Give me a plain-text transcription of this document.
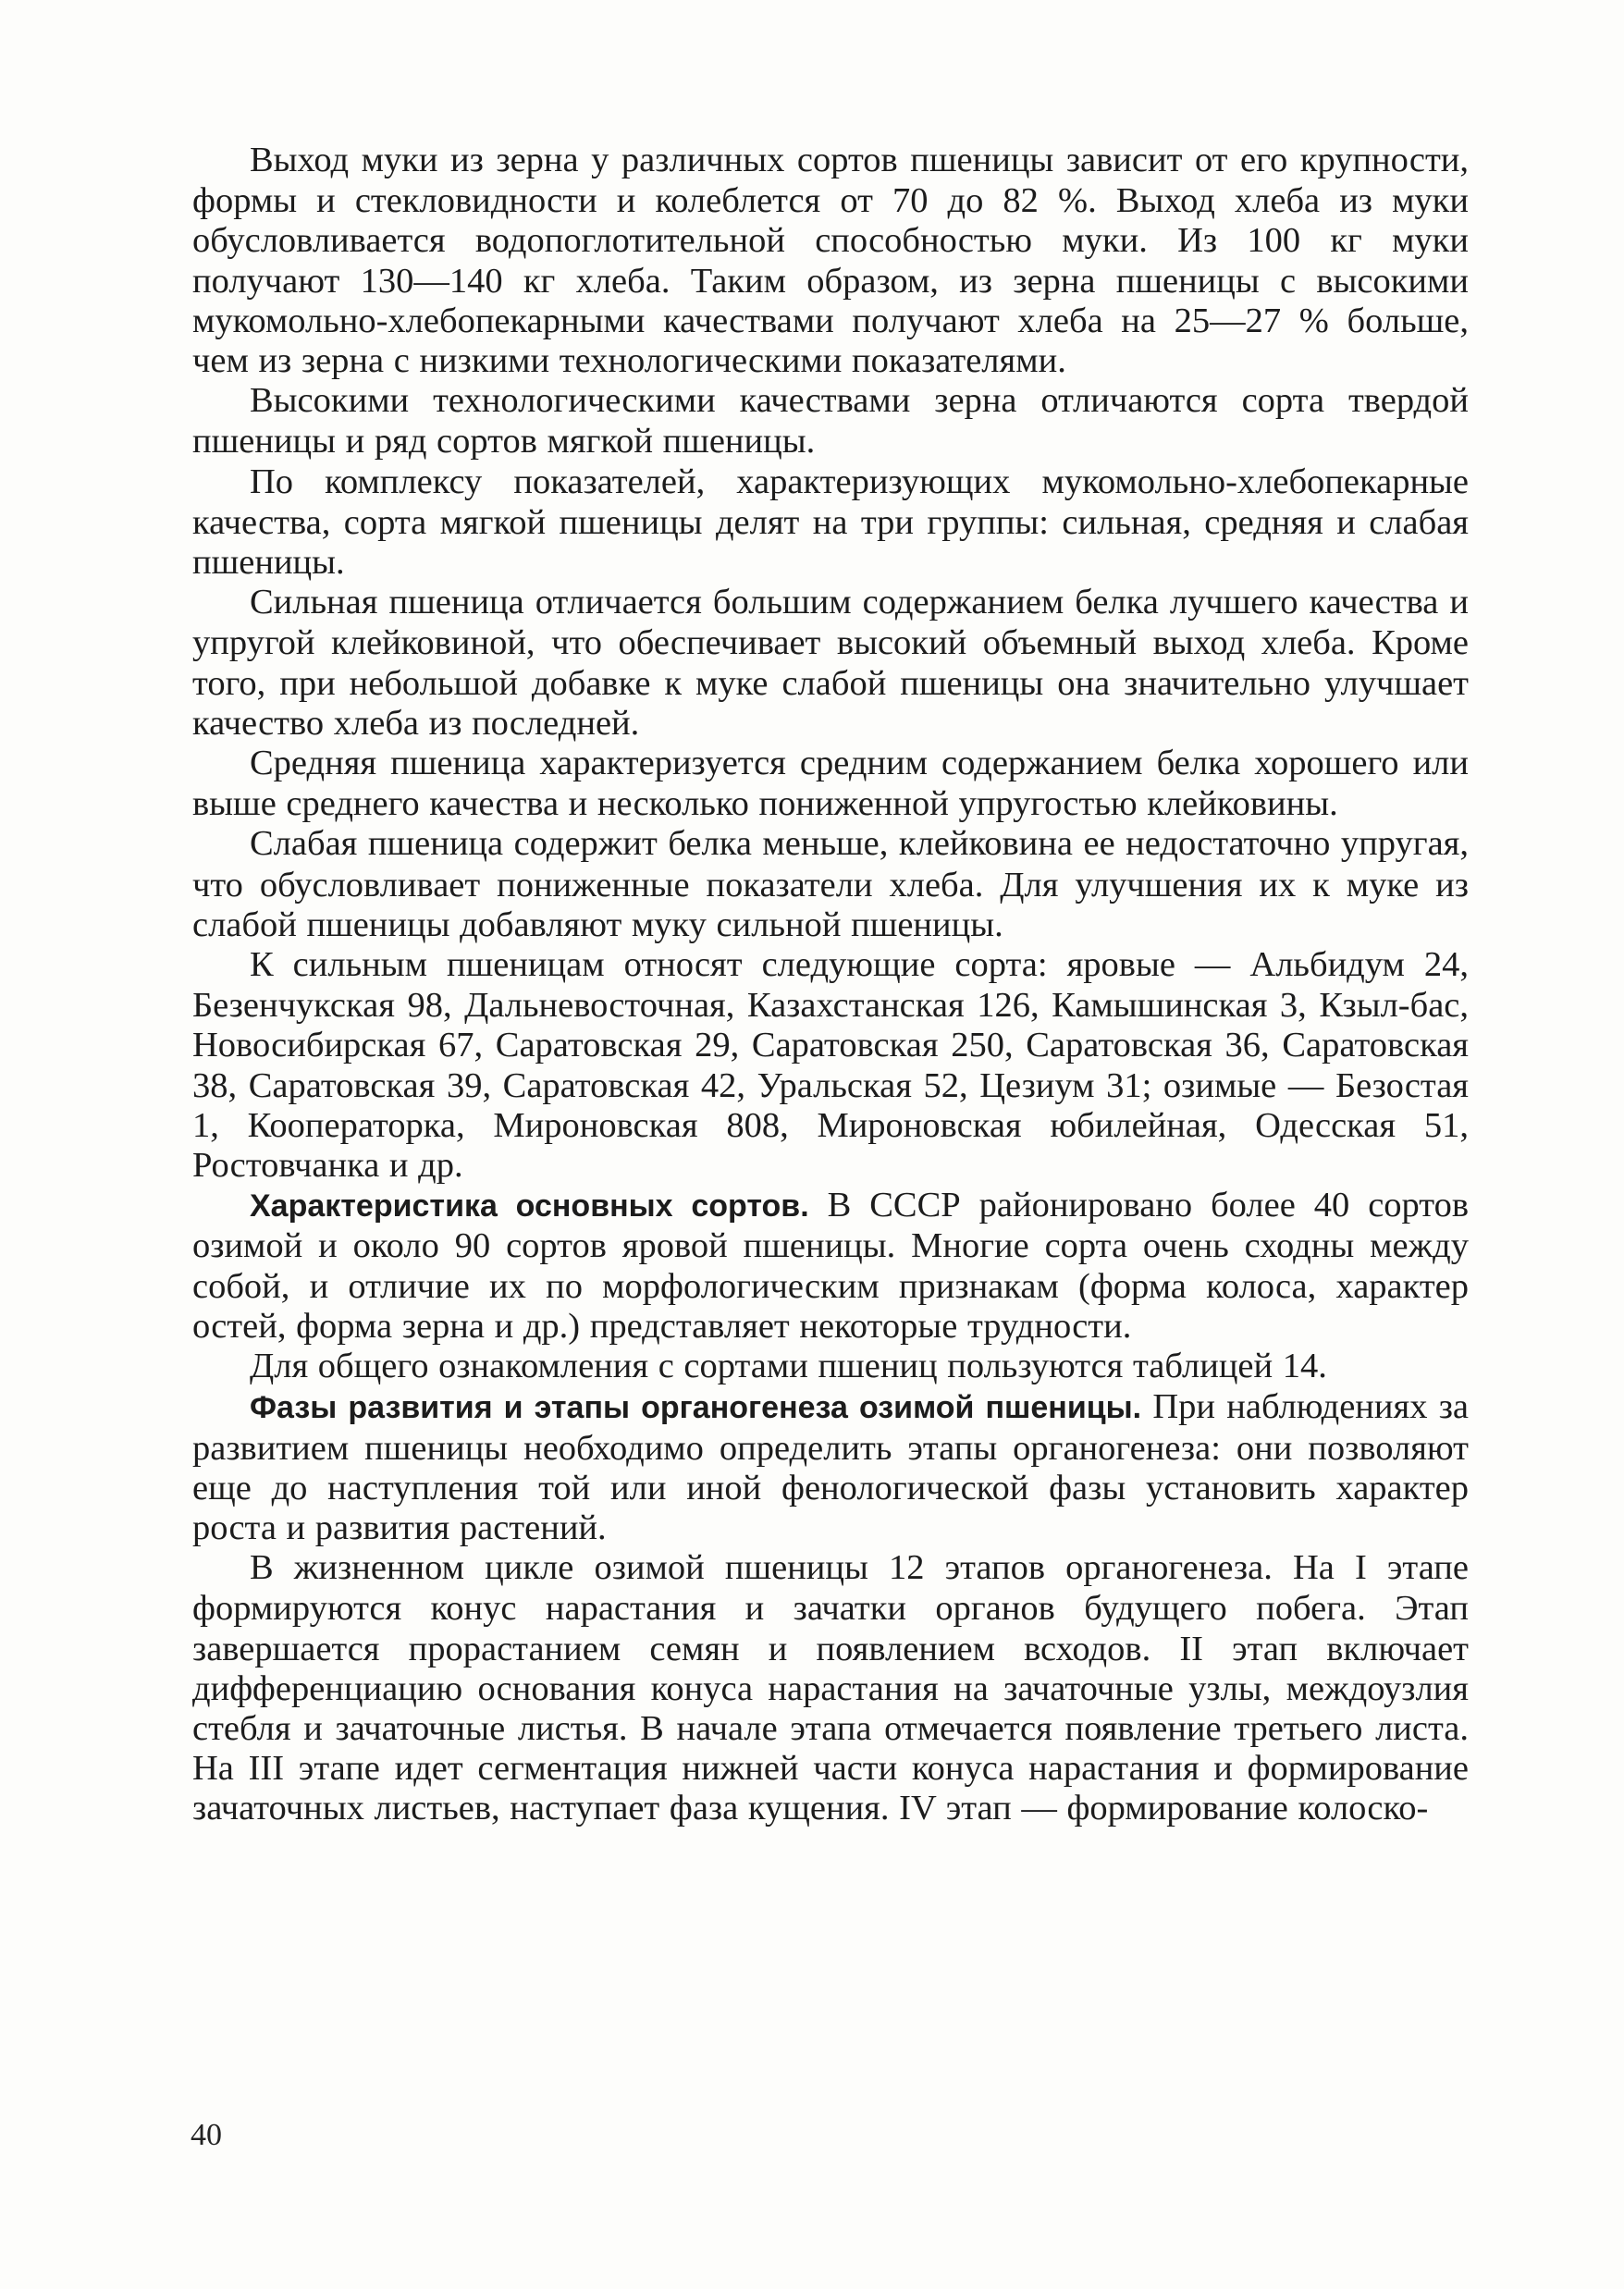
Выход муки из зерна у различных сортов пшеницы зависит от его крупности, формы и стекловидности и колеблется от 70 до 82 %. Выход хлеба из муки обусловливается водопоглотительной способностью муки. Из 100 кг муки получают 130—140 кг хлеба. Таким образом, из зерна пшеницы с высокими мукомольно-хлебопекарными качествами получают хлеба на 25—27 % больше, чем из зерна с низкими технологическими показателями.

Высокими технологическими качествами зерна отличаются сорта твердой пшеницы и ряд сортов мягкой пшеницы.

По комплексу показателей, характеризующих мукомольно-хлебопекарные качества, сорта мягкой пшеницы делят на три группы: сильная, средняя и слабая пшеницы.

Сильная пшеница отличается большим содержанием белка лучшего качества и упругой клейковиной, что обеспечивает высокий объемный выход хлеба. Кроме того, при небольшой добавке к муке слабой пшеницы она значительно улучшает качество хлеба из последней.

Средняя пшеница характеризуется средним содержанием белка хорошего или выше среднего качества и несколько пониженной упругостью клейковины.

Слабая пшеница содержит белка меньше, клейковина ее недостаточно упругая, что обусловливает пониженные показатели хлеба. Для улучшения их к муке из слабой пшеницы добавляют муку сильной пшеницы.

К сильным пшеницам относят следующие сорта: яровые — Альбидум 24, Безенчукская 98, Дальневосточная, Казахстанская 126, Камышинская 3, Кзыл-бас, Новосибирская 67, Саратовская 29, Саратовская 250, Саратовская 36, Саратовская 38, Саратовская 39, Саратовская 42, Уральская 52, Цезиум 31; озимые — Безостая 1, Кооператорка, Мироновская 808, Мироновская юбилейная, Одесская 51, Ростовчанка и др.

Характеристика основных сортов. В СССР районировано более 40 сортов озимой и около 90 сортов яровой пшеницы. Многие сорта очень сходны между собой, и отличие их по морфологическим признакам (форма колоса, характер остей, форма зерна и др.) представляет некоторые трудности.

Для общего ознакомления с сортами пшениц пользуются таблицей 14.

Фазы развития и этапы органогенеза озимой пшеницы. При наблюдениях за развитием пшеницы необходимо определить этапы органогенеза: они позволяют еще до наступления той или иной фенологической фазы установить характер роста и развития растений.

В жизненном цикле озимой пшеницы 12 этапов органогенеза. На I этапе формируются конус нарастания и зачатки органов будущего побега. Этап завершается прорастанием семян и появлением всходов. II этап включает дифференциацию основания конуса нарастания на зачаточные узлы, междоузлия стебля и зачаточные листья. В начале этапа отмечается появление третьего листа. На III этапе идет сегментация нижней части конуса нарастания и формирование зачаточных листьев, наступает фаза кущения. IV этап — формирование колоско-

40
